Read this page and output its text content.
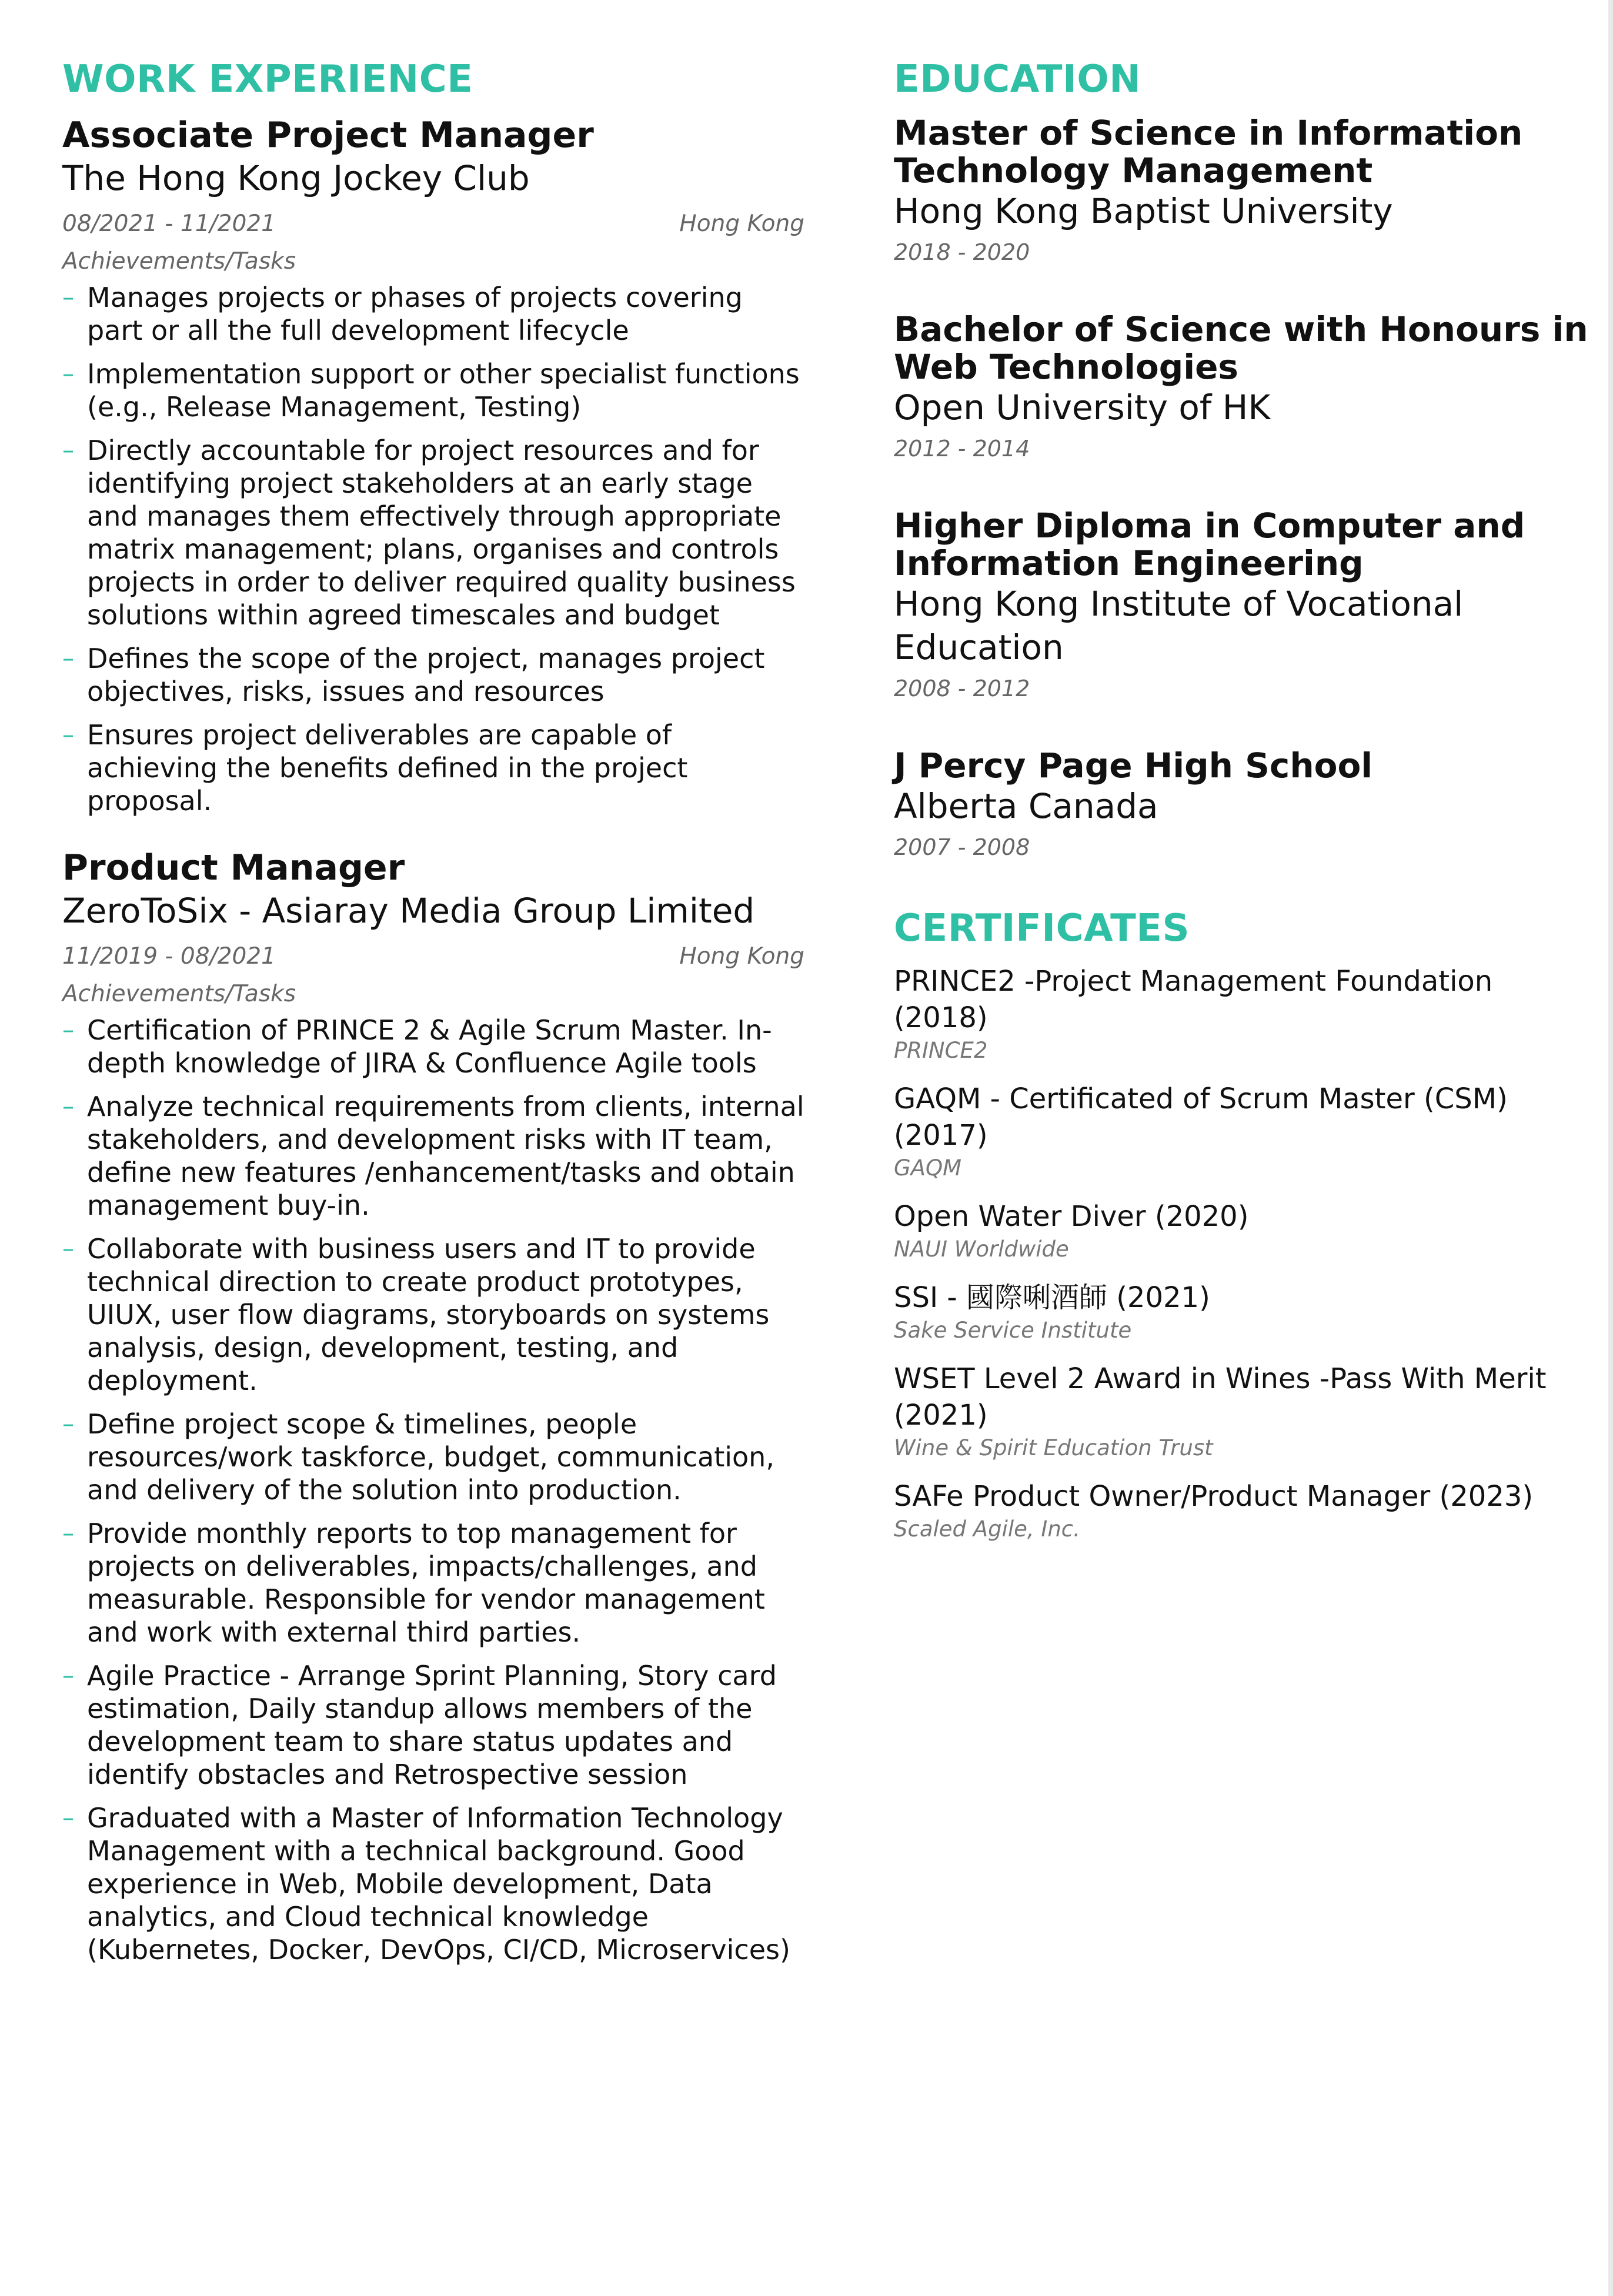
WORK EXPERIENCE
Associate Project Manager
The Hong Kong Jockey Club
08/2021 - 11/2021	Hong Kong
Achievements/Tasks
– Manages projects or phases of projects covering part or all the full development lifecycle
– Implementation support or other specialist functions (e.g., Release Management, Testing)
– Directly accountable for project resources and for identifying project stakeholders at an early stage and manages them effectively through appropriate matrix management; plans, organises and controls projects in order to deliver required quality business solutions within agreed timescales and budget
– Defines the scope of the project, manages project objectives, risks, issues and resources
– Ensures project deliverables are capable of achieving the benefits defined in the project proposal.
Product Manager
ZeroToSix - Asiaray Media Group Limited
11/2019 - 08/2021	Hong Kong
Achievements/Tasks
– Certification of PRINCE 2 & Agile Scrum Master. In-depth knowledge of JIRA & Confluence Agile tools
– Analyze technical requirements from clients, internal stakeholders, and development risks with IT team, define new features /enhancement/tasks and obtain management buy-in.
– Collaborate with business users and IT to provide technical direction to create product prototypes, UIUX, user flow diagrams, storyboards on systems analysis, design, development, testing, and deployment.
– Define project scope & timelines, people resources/work taskforce, budget, communication, and delivery of the solution into production.
– Provide monthly reports to top management for projects on deliverables, impacts/challenges, and measurable. Responsible for vendor management and work with external third parties.
– Agile Practice - Arrange Sprint Planning, Story card estimation, Daily standup allows members of the development team to share status updates and identify obstacles and Retrospective session
– Graduated with a Master of Information Technology Management with a technical background. Good experience in Web, Mobile development, Data analytics, and Cloud technical knowledge (Kubernetes, Docker, DevOps, CI/CD, Microservices)
EDUCATION
Master of Science in Information Technology Management
Hong Kong Baptist University
2018 - 2020
Bachelor of Science with Honours in Web Technologies
Open University of HK
2012 - 2014
Higher Diploma in Computer and Information Engineering
Hong Kong Institute of Vocational Education
2008 - 2012
J Percy Page High School
Alberta Canada
2007 - 2008
CERTIFICATES
PRINCE2 -Project Management Foundation (2018)
PRINCE2
GAQM - Certificated of Scrum Master (CSM) (2017)
GAQM
Open Water Diver (2020)
NAUI Worldwide
SSI - 國際唎酒師 (2021)
Sake Service Institute
WSET Level 2 Award in Wines -Pass With Merit (2021)
Wine & Spirit Education Trust
SAFe Product Owner/Product Manager (2023)
Scaled Agile, Inc.
